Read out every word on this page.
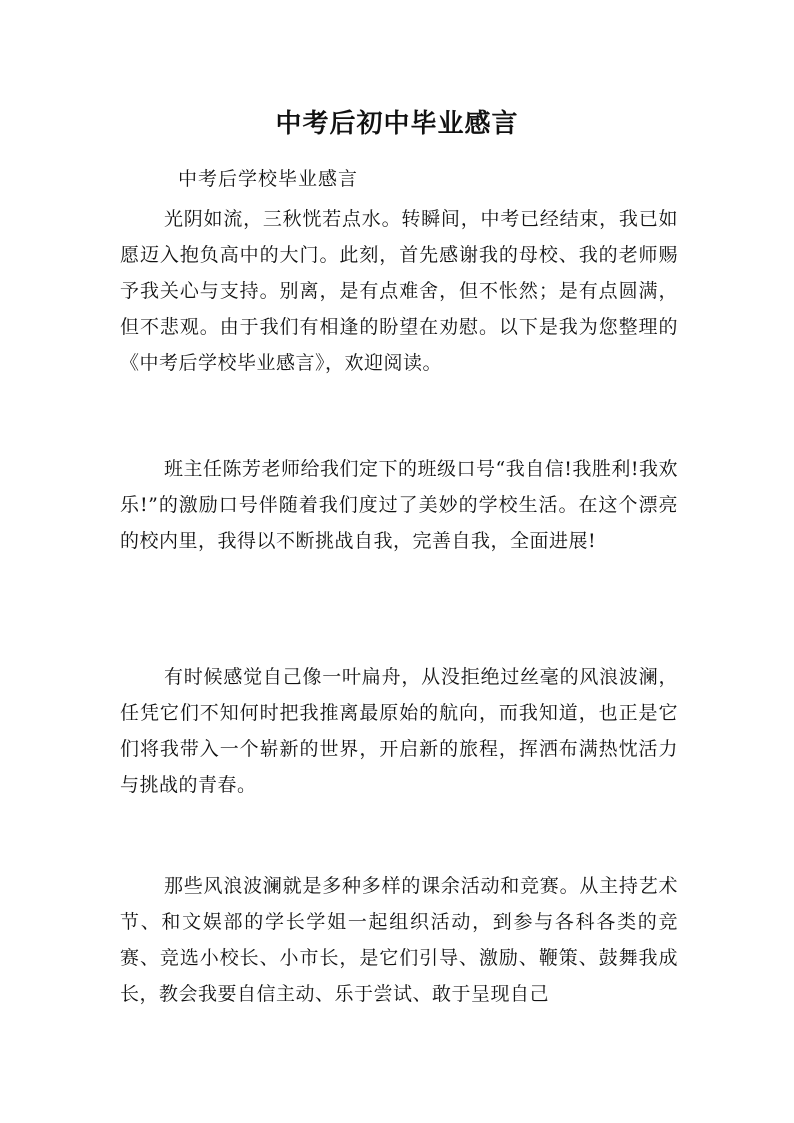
中考后初中毕业感言
中考后学校毕业感言

光阴如流，三秋恍若点水。转瞬间，中考已经结束，我已如愿迈入抱负高中的大门。此刻，首先感谢我的母校、我的老师赐予我关心与支持。别离，是有点难舍，但不怅然；是有点圆满，但不悲观。由于我们有相逢的盼望在劝慰。以下是我为您整理的《中考后学校毕业感言》，欢迎阅读。

班主任陈芳老师给我们定下的班级口号“我自信!我胜利!我欢乐!”的激励口号伴随着我们度过了美妙的学校生活。在这个漂亮的校内里，我得以不断挑战自我，完善自我，全面进展!

有时候感觉自己像一叶扁舟，从没拒绝过丝毫的风浪波澜，任凭它们不知何时把我推离最原始的航向，而我知道，也正是它们将我带入一个崭新的世界，开启新的旅程，挥洒布满热忱活力与挑战的青春。

那些风浪波澜就是多种多样的课余活动和竞赛。从主持艺术节、和文娱部的学长学姐一起组织活动，到参与各科各类的竞赛、竞选小校长、小市长，是它们引导、激励、鞭策、鼓舞我成长，教会我要自信主动、乐于尝试、敢于呈现自己
